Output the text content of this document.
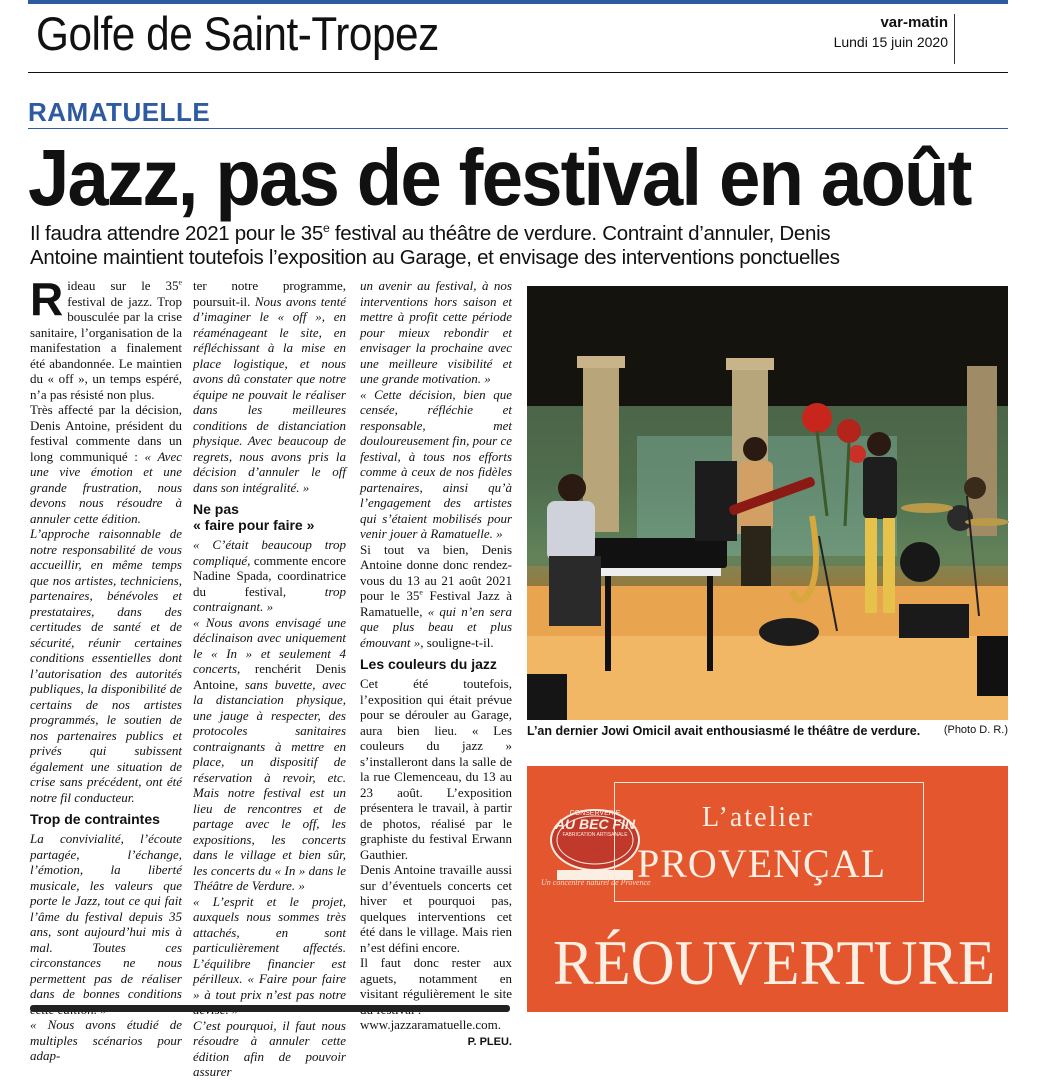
Golfe de Saint-Tropez	var-matin
Lundi 15 juin 2020
RAMATUELLE
Jazz, pas de festival en août
Il faudra attendre 2021 pour le 35e festival au théâtre de verdure. Contraint d’annuler, Denis
Antoine maintient toutefois l’exposition au Garage, et envisage des interventions ponctuelles

Rideau sur le 35e festival de jazz. Trop bousculée par la crise sanitaire, l’organisation de la manifestation a finalement été abandonnée. Le maintien du « off », un temps espéré, n’a pas résisté non plus.

Très affecté par la décision, Denis Antoine, président du festival commente dans un long communiqué : « Avec une vive émotion et une grande frustration, nous devons nous résoudre à annuler cette édition.

L’approche raisonnable de notre responsabilité de vous accueillir, en même temps que nos artistes, techniciens, partenaires, bénévoles et prestataires, dans des certitudes de santé et de sécurité, réunir certaines conditions essentielles dont l’autorisation des autorités publiques, la disponibilité de certains de nos artistes programmés, le soutien de nos partenaires publics et privés qui subissent également une situation de crise sans précédent, ont été notre fil conducteur.

Trop de contraintes

La convivialité, l’écoute partagée, l’échange, l’émotion, la liberté musicale, les valeurs que porte le Jazz, tout ce qui fait l’âme du festival depuis 35 ans, sont aujourd’hui mis à mal. Toutes ces circonstances ne nous permettent pas de réaliser dans de bonnes conditions

« Nous avons étudié de multiples scénarios pour adap-

ter notre programme, poursuit-il. Nous avons tenté d’imaginer le « off », en réaménageant le site, en réfléchissant à la mise en place logistique, et nous avons dû constater que notre équipe ne pouvait le réaliser dans les meilleures conditions de distanciation physique. Avec beaucoup de regrets, nous avons pris la décision d’annuler le off dans son intégralité. »

Ne pas
« faire pour faire »

« C’était beaucoup trop compliqué, commente encore Nadine Spada, coordinatrice du festival, trop contraignant. »

« Nous avons envisagé une déclinaison avec uniquement le « In » et seulement 4 concerts, renchérit Denis Antoine, sans buvette, avec la distanciation physique, une jauge à respecter, des protocoles sanitaires contraignants à mettre en place, un dispositif de réservation à revoir, etc. Mais notre festival est un lieu de rencontres et de partage avec le off, les expositions, les concerts dans le village et bien sûr, les concerts du « In » dans le Théâtre de Verdure. »

« L’esprit et le projet, auxquels nous sommes très attachés, en sont particulièrement affectés. L’équilibre financier est périlleux. « Faire pour faire » à tout prix n’est pas notre

C’est pourquoi, il faut nous résoudre à annuler cette édition afin de pouvoir assurer

un avenir au festival, à nos interventions hors saison et mettre à profit cette période pour mieux rebondir et envisager la prochaine avec une meilleure visibilité et une grande motivation. »

« Cette décision, bien que censée, réfléchie et responsable, met douloureusement fin, pour ce festival, à tous nos efforts comme à ceux de nos fidèles partenaires, ainsi qu’à l’engagement des artistes qui s’étaient mobilisés pour venir jouer à Ramatuelle. »

Si tout va bien, Denis Antoine donne donc rendez-vous du 13 au 21 août 2021 pour le 35e Festival Jazz à Ramatuelle, « qui n’en sera que plus beau et plus émouvant », souligne-t-il.

Les couleurs du jazz

Cet été toutefois, l’exposition qui était prévue pour se dérouler au Garage, aura bien lieu. « Les couleurs du jazz » s’installeront dans la salle de la rue Clemenceau, du 13 au 23 août. L’exposition présentera le travail, à partir de photos, réalisé par le graphiste du festival Erwann Gauthier.

Denis Antoine travaille aussi sur d’éventuels concerts cet hiver et pourquoi pas, quelques interventions cet été dans le village. Mais rien n’est défini encore.

Il faut donc rester aux aguets, notamment en visitant régulièrement le site

www.jazzaramatuelle.com.

P. PLEU.
L’an dernier Jowi Omicil avait enthousiasmé le théâtre de verdure. (Photo D. R.)
CONSERVERIE
AU BEC FIN
FABRICATION ARTISANALE
GOLFE DE SAINT-TROPEZ
Un concentré naturel de Provence
L’atelier
PROVENÇAL
RÉOUVERTURE
